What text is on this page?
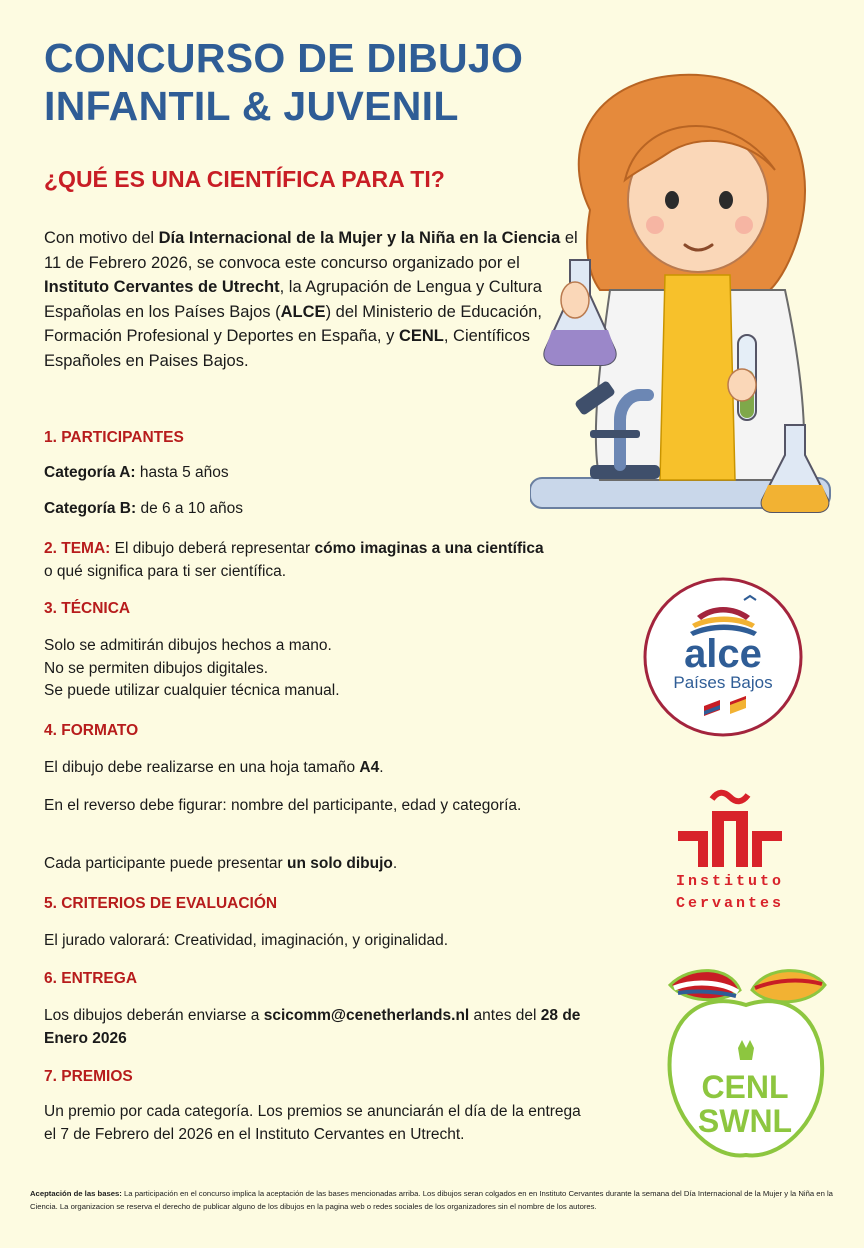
CONCURSO DE DIBUJO
INFANTIL & JUVENIL
¿QUÉ ES UNA CIENTÍFICA PARA TI?

Con motivo del Día Internacional de la Mujer y la Niña en la Ciencia el 11 de Febrero 2026, se convoca este concurso organizado por el Instituto Cervantes de Utrecht, la Agrupación de Lengua y Cultura Españolas en los Países Bajos (ALCE) del Ministerio de Educación, Formación Profesional y Deportes en España, y CENL, Científicos Españoles en Paises Bajos.

1. PARTICIPANTES

Categoría A: hasta 5 años

Categoría B: de 6 a 10 años

2. TEMA: El dibujo deberá representar cómo imaginas a una científica o qué significa para ti ser científica.

3. TÉCNICA

Solo se admitirán dibujos hechos a mano.
No se permiten dibujos digitales.
Se puede utilizar cualquier técnica manual.

4. FORMATO

El dibujo debe realizarse en una hoja tamaño A4.

En el reverso debe figurar: nombre del participante, edad y categoría.

Cada participante puede presentar un solo dibujo.

5. CRITERIOS DE EVALUACIÓN

El jurado valorará: Creatividad, imaginación, y originalidad.

6. ENTREGA

Los dibujos deberán enviarse a scicomm@cenetherlands.nl antes del 28 de Enero 2026

7. PREMIOS

Un premio por cada categoría. Los premios se anunciarán el día de la entrega el 7 de Febrero del 2026 en el Instituto Cervantes en Utrecht.

Aceptación de las bases: La participación en el concurso implica la aceptación de las bases mencionadas arriba. Los dibujos seran colgados en en Instituto Cervantes durante la semana del Día Internacional de la Mujer y la Niña en la Ciencia. La organizacion se reserva el derecho de publicar alguno de los dibujos en la pagina web o redes sociales de los organizadores sin el nombre de los autores.

alce
Países Bajos
Instituto
Cervantes
CENL
SWNL
